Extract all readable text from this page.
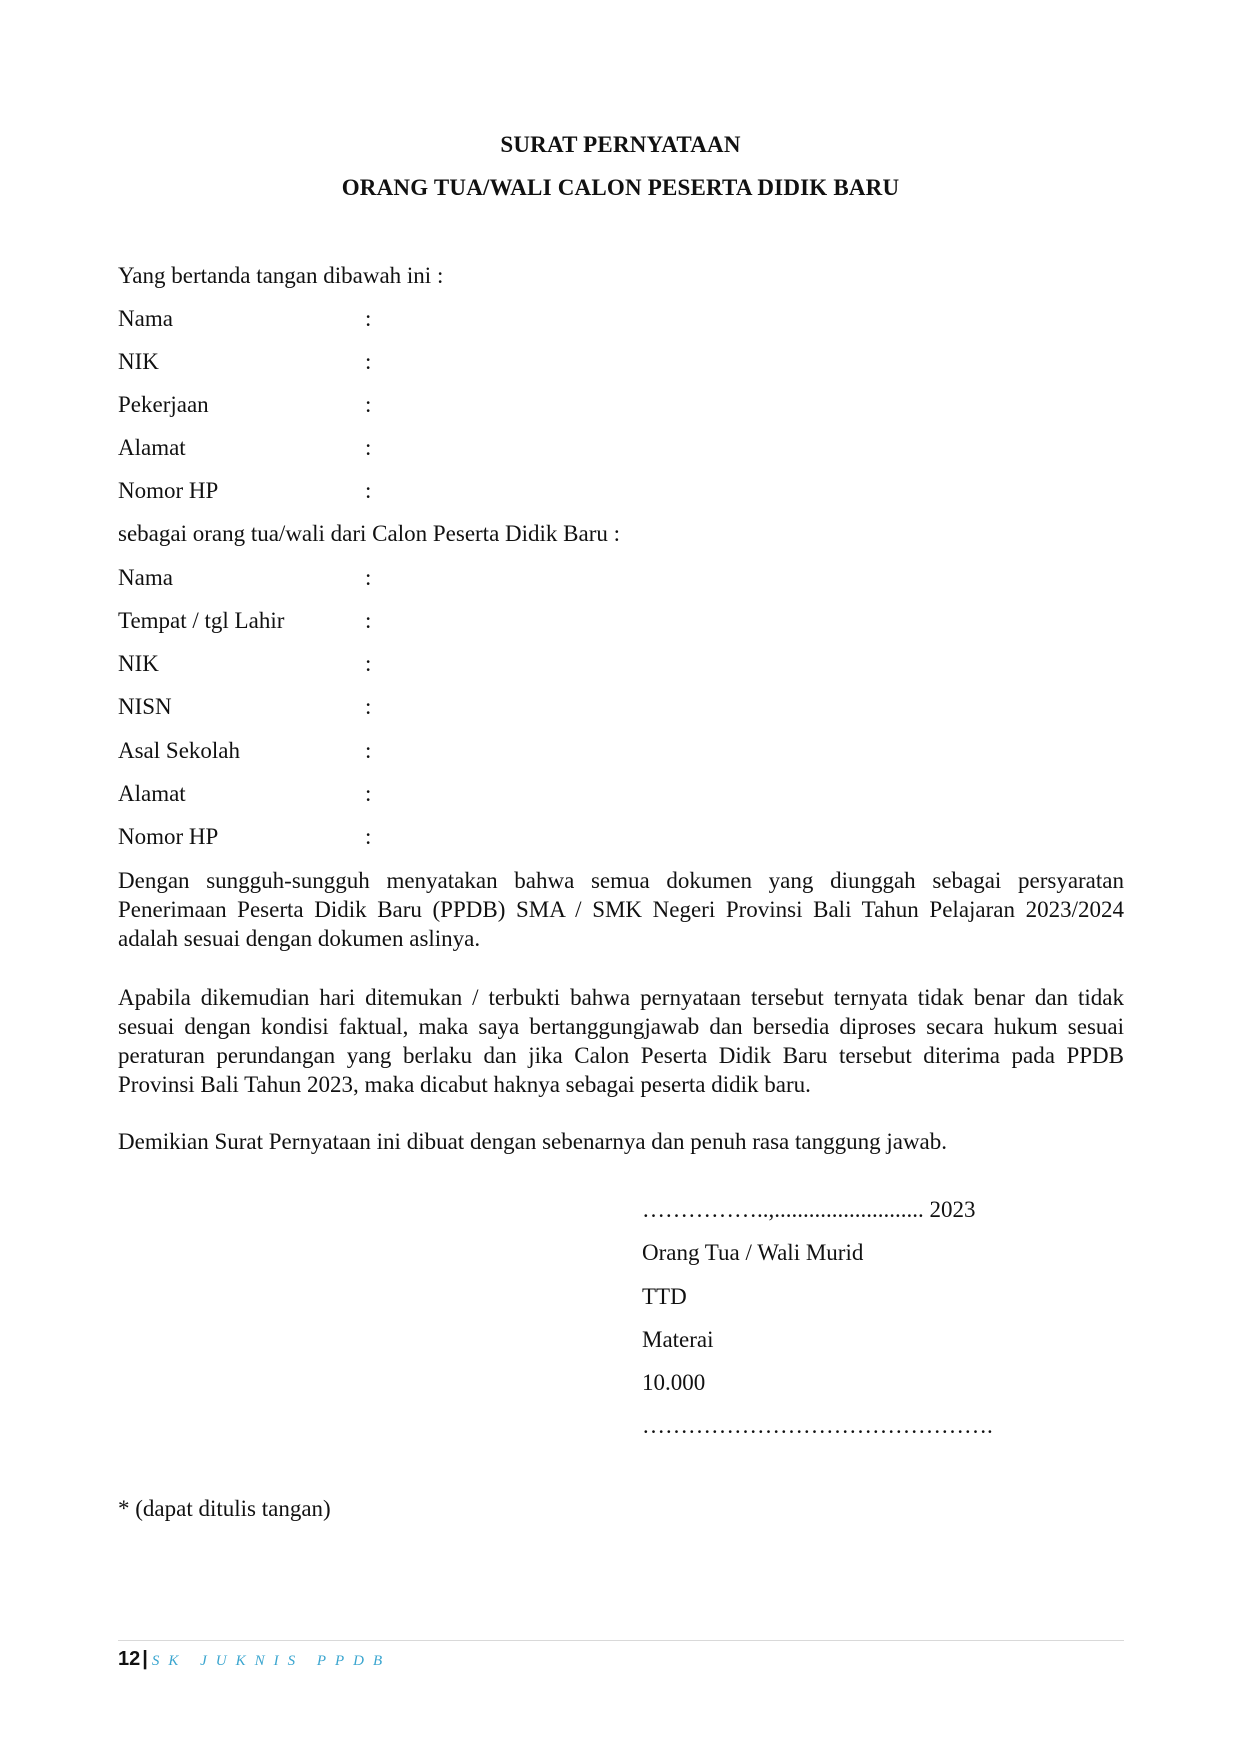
SURAT PERNYATAAN
ORANG TUA/WALI CALON PESERTA DIDIK BARU
Yang bertanda tangan dibawah ini :
Nama	:
NIK	:
Pekerjaan	:
Alamat	:
Nomor HP	:
sebagai orang tua/wali dari Calon Peserta Didik Baru :
Nama	:
Tempat / tgl Lahir	:
NIK	:
NISN	:
Asal Sekolah	:
Alamat	:
Nomor HP	:
Dengan sungguh-sungguh menyatakan bahwa semua dokumen yang diunggah sebagai persyaratan Penerimaan Peserta Didik Baru (PPDB) SMA / SMK Negeri Provinsi Bali Tahun Pelajaran 2023/2024 adalah sesuai dengan dokumen aslinya.
Apabila dikemudian hari ditemukan / terbukti bahwa pernyataan tersebut ternyata tidak benar dan tidak sesuai dengan kondisi faktual, maka saya bertanggungjawab dan bersedia diproses secara hukum sesuai peraturan perundangan yang berlaku dan jika Calon Peserta Didik Baru tersebut diterima pada PPDB Provinsi Bali Tahun 2023, maka dicabut haknya sebagai peserta didik baru.
Demikian Surat Pernyataan ini dibuat dengan sebenarnya dan penuh rasa tanggung jawab.
……………..,.......................... 2023
Orang Tua / Wali Murid
TTD
Materai
10.000
……………………………………….
* (dapat ditulis tangan)
12 | SK JUKNIS PPDB
